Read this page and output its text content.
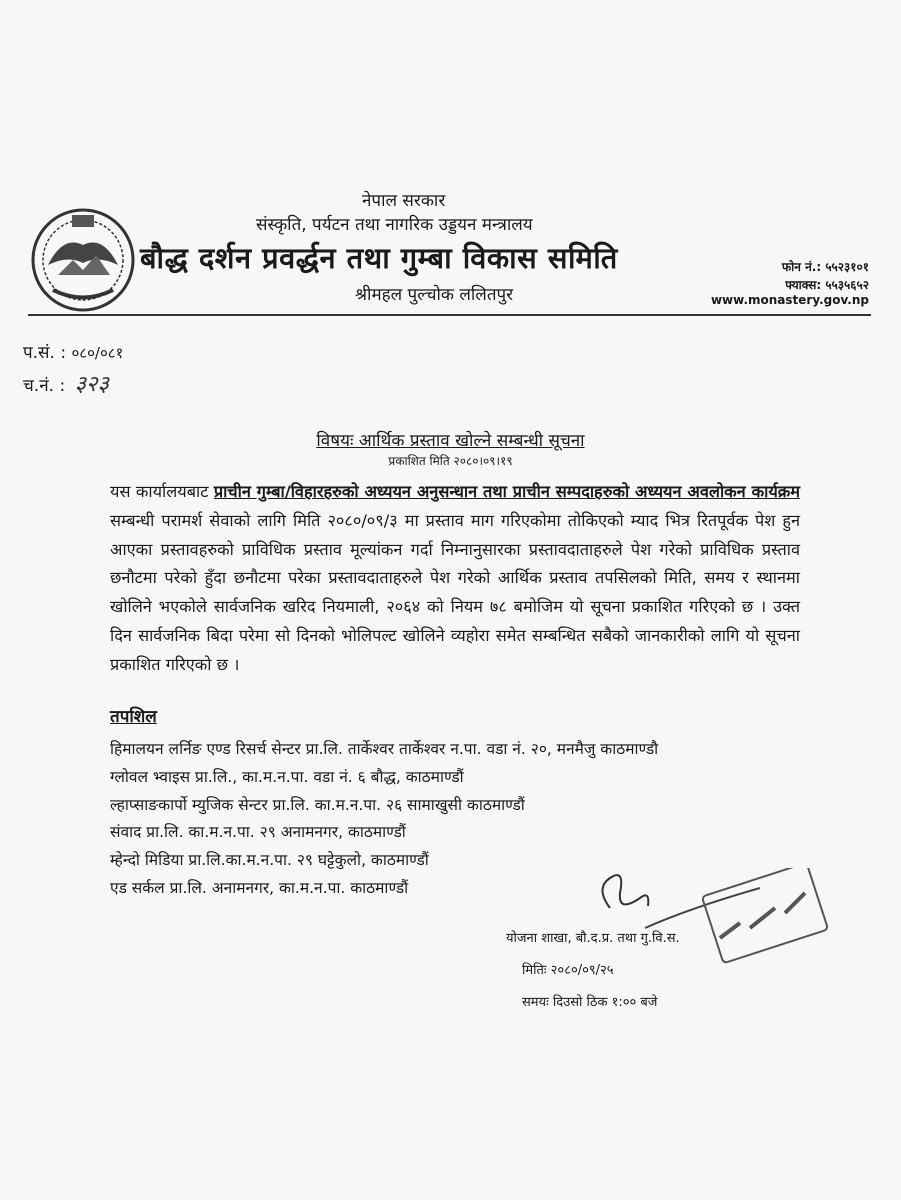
नेपाल सरकार
संस्कृति, पर्यटन तथा नागरिक उड्डयन मन्त्रालय
बौद्ध दर्शन प्रवर्द्धन तथा गुम्बा विकास समिति
श्रीमहल पुल्चोक ललितपुर
फोन नं.: ५५२३१०१
फ्याक्स: ५५३५६५२
www.monastery.gov.np
प.सं. : ०८०/०८१
च.नं. : ३२३
विषयः आर्थिक प्रस्ताव खोल्ने सम्बन्धी सूचना
प्रकाशित मिति २०८०।०९।१९
यस कार्यालयबाट प्राचीन गुम्बा/विहारहरुको अध्ययन अनुसन्धान तथा प्राचीन सम्पदाहरुको अध्ययन अवलोकन कार्यक्रम सम्बन्धी परामर्श सेवाको लागि मिति २०८०/०९/३ मा प्रस्ताव माग गरिएकोमा तोकिएको म्याद भित्र रितपूर्वक पेश हुन आएका प्रस्तावहरुको प्राविधिक प्रस्ताव मूल्यांकन गर्दा निम्नानुसारका प्रस्तावदाताहरुले पेश गरेको प्राविधिक प्रस्ताव छनौटमा परेको हुँदा छनौटमा परेका प्रस्तावदाताहरुले पेश गरेको आर्थिक प्रस्ताव तपसिलको मिति, समय र स्थानमा खोलिने भएकोले सार्वजनिक खरिद नियमाली, २०६४ को नियम ७८ बमोजिम यो सूचना प्रकाशित गरिएको छ । उक्त दिन सार्वजनिक बिदा परेमा सो दिनको भोलिपल्ट खोलिने व्यहोरा समेत सम्बन्धित सबैको जानकारीको लागि यो सूचना प्रकाशित गरिएको छ ।
तपशिल
हिमालयन लर्निङ एण्ड रिसर्च सेन्टर प्रा.लि. तार्केश्वर तार्केश्वर न.पा. वडा नं. २०, मनमैजु काठमाण्डौ
ग्लोवल भ्वाइस प्रा.लि., का.म.न.पा. वडा नं. ६ बौद्ध, काठमाण्डौं
ल्हाप्साङकार्पो म्युजिक सेन्टर प्रा.लि. का.म.न.पा. २६ सामाखुसी काठमाण्डौं
संवाद प्रा.लि. का.म.न.पा. २९ अनामनगर, काठमाण्डौं
म्हेन्दो मिडिया प्रा.लि.का.म.न.पा. २९ घट्टेकुलो, काठमाण्डौं
एड सर्कल प्रा.लि. अनामनगर, का.म.न.पा. काठमाण्डौं
योजना शाखा, बौ.द.प्र. तथा गु.वि.स.
मितिः २०८०/०९/२५
समयः दिउसो ठिक १:०० बजे
